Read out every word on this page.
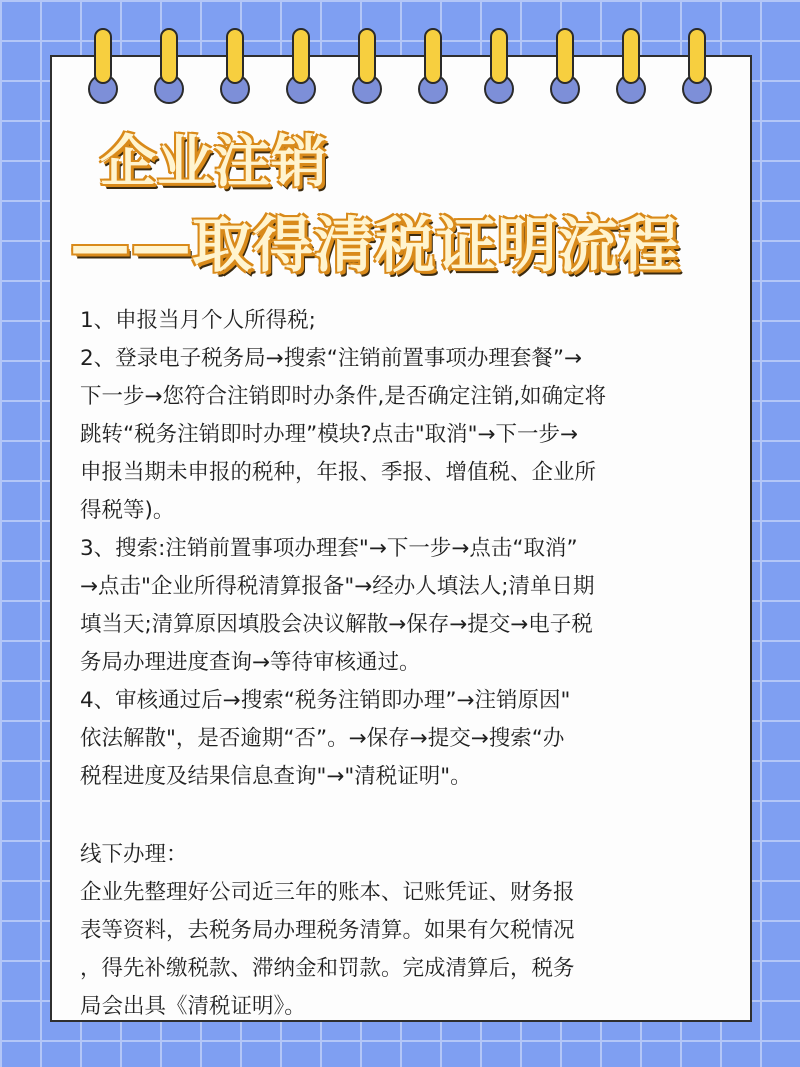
企业注销
——取得清税证明流程

1、申报当月个人所得税;

2、登录电子税务局→搜索“注销前置事项办理套餐”→

下一步→您符合注销即时办条件,是否确定注销,如确定将

跳转“税务注销即时办理”模块?点击"取消"→下一步→

申报当期未申报的税种，年报、季报、增值税、企业所

得税等)。

3、搜索:注销前置事项办理套"→下一步→点击“取消”

→点击"企业所得税清算报备"→经办人填法人;清单日期

填当天;清算原因填股会决议解散→保存→提交→电子税

务局办理进度查询→等待审核通过。

4、审核通过后→搜索“税务注销即办理”→注销原因"

依法解散"，是否逾期“否”。→保存→提交→搜索“办

税程进度及结果信息查询"→"清税证明"。

线下办理：

企业先整理好公司近三年的账本、记账凭证、财务报

表等资料，去税务局办理税务清算。如果有欠税情况

，得先补缴税款、滞纳金和罚款。完成清算后，税务

局会出具《清税证明》。
